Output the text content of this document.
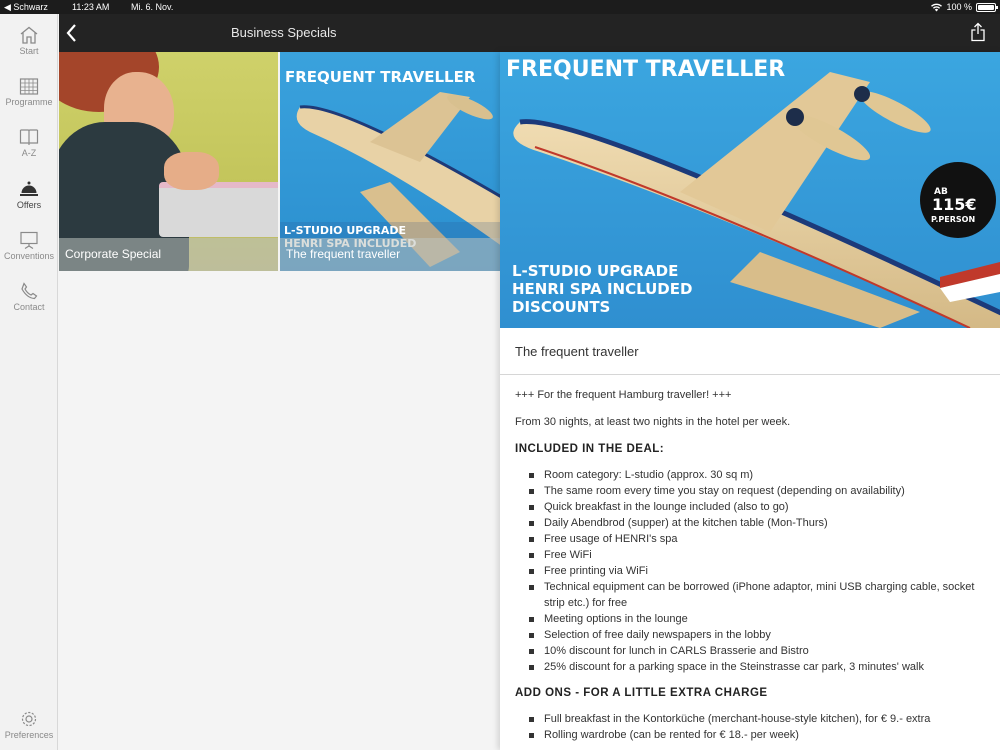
◀ Schwarz	11:23 AM Mi. 6. Nov.	100 %
Start
Programme
A-Z
Offers
Conventions
Contact
Preferences
Business Specials
Corporate Special
FREQUENT TRAVELLER
L-STUDIO UPGRADE
The frequent traveller
FREQUENT TRAVELLER
L-STUDIO UPGRADE
HENRI SPA INCLUDED
DISCOUNTS
AB
115€
P.PERSON
The frequent traveller

+++ For the frequent Hamburg traveller! +++

From 30 nights, at least two nights in the hotel per week.

INCLUDED IN THE DEAL:
Room category: L-studio (approx. 30 sq m)
The same room every time you stay on request (depending on availability)
Quick breakfast in the lounge included (also to go)
Daily Abendbrod (supper) at the kitchen table (Mon-Thurs)
Free usage of HENRI's spa
Free WiFi
Free printing via WiFi
Technical equipment can be borrowed (iPhone adaptor, mini USB charging cable, socket strip etc.) for free
Meeting options in the lounge
Selection of free daily newspapers in the lobby
10% discount for lunch in CARLS Brasserie and Bistro
25% discount for a parking space in the Steinstrasse car park, 3 minutes' walk
ADD ONS - FOR A LITTLE EXTRA CHARGE
Full breakfast in the Kontorküche (merchant-house-style kitchen), for € 9.- extra
Rolling wardrobe (can be rented for € 18.- per week)
